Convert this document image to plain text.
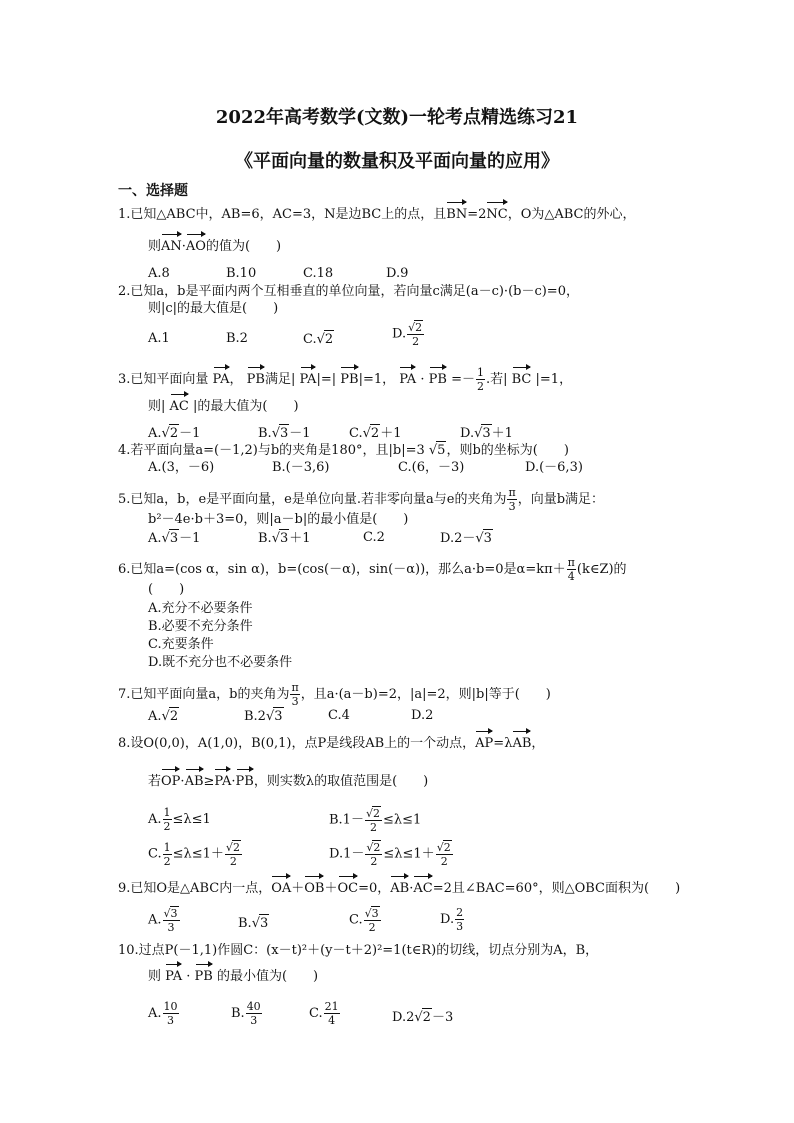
2022年高考数学(文数)一轮考点精选练习21
《平面向量的数量积及平面向量的应用》
一、选择题
1.已知△ABC中，AB=6，AC=3，N是边BC上的点，且BN=2NC，O为△ABC的外心，
则AN·AO的值为(　　)
A.8	B.10	C.18	D.9
2.已知a，b是平面内两个互相垂直的单位向量，若向量c满足(a－c)·(b－c)=0，
则|c|的最大值是(　　)
A.1	B.2	C.√2	D. $\frac{√2}{2}$
3.已知平面向量 PA， PB满足| PA|=| PB|=1， PA · PB =－ $\frac{1}{2}$ .若| BC |=1，
则| AC |的最大值为(　　)
A.√2－1	B.√3－1	C.√2＋1	D.√3＋1
4.若平面向量a=(－1,2)与b的夹角是180°，且|b|=3 √5，则b的坐标为(　　)
A.(3，－6)	B.(－3,6)	C.(6，－3)	D.(－6,3)
5.已知a，b，e是平面向量，e是单位向量.若非零向量a与e的夹角为 $\frac{\pi}{3}$ ，向量b满足：
b²－4e·b＋3=0，则|a－b|的最小值是(　　)
A.√3－1	B.√3＋1	C.2	D.2－√3
6.已知a=(cos α，sin α)，b=(cos(－α)，sin(－α))，那么a·b=0是$\alpha=k\pi+ \frac{\pi}{4}$ (k∈Z)的
(　　)
A.充分不必要条件
B.必要不充分条件
C.充要条件
D.既不充分也不必要条件
7.已知平面向量a，b的夹角为 $\frac{\pi}{3}$ ，且a·(a－b)=2，|a|=2，则|b|等于(　　)
A.√2	B.2√3	C.4	D.2
8.设O(0,0)，A(1,0)，B(0,1)，点P是线段AB上的一个动点，AP=λAB，
若OP·AB≥PA·PB，则实数λ的取值范围是(　　)
A. $\frac{1}{2} \le\lambda\le 1$	$B.1- \frac{√2}{2} \le\lambda\le 1$
C. $\frac{1}{2} \le\lambda\le 1+ \frac{√2}{2}$	$D.1- \frac{√2}{2} \le\lambda\le 1+ \frac{√2}{2}$
9.已知O是△ABC内一点，OA＋OB＋OC=0，AB·AC=2且∠BAC=60°，则△OBC面积为(　　)
A. $\frac{√3}{3}$	B.√3	C. $\frac{√3}{2}$	D. $\frac{2}{3}$
10.过点P(－1,1)作圆C：(x－t)²＋(y－t＋2)²=1(t∈R)的切线，切点分别为A，B，
则 PA · PB 的最小值为(　　)
A. $\frac{10}{3}$	B. $\frac{40}{3}$	C. $\frac{21}{4}$	D.2√2－3
